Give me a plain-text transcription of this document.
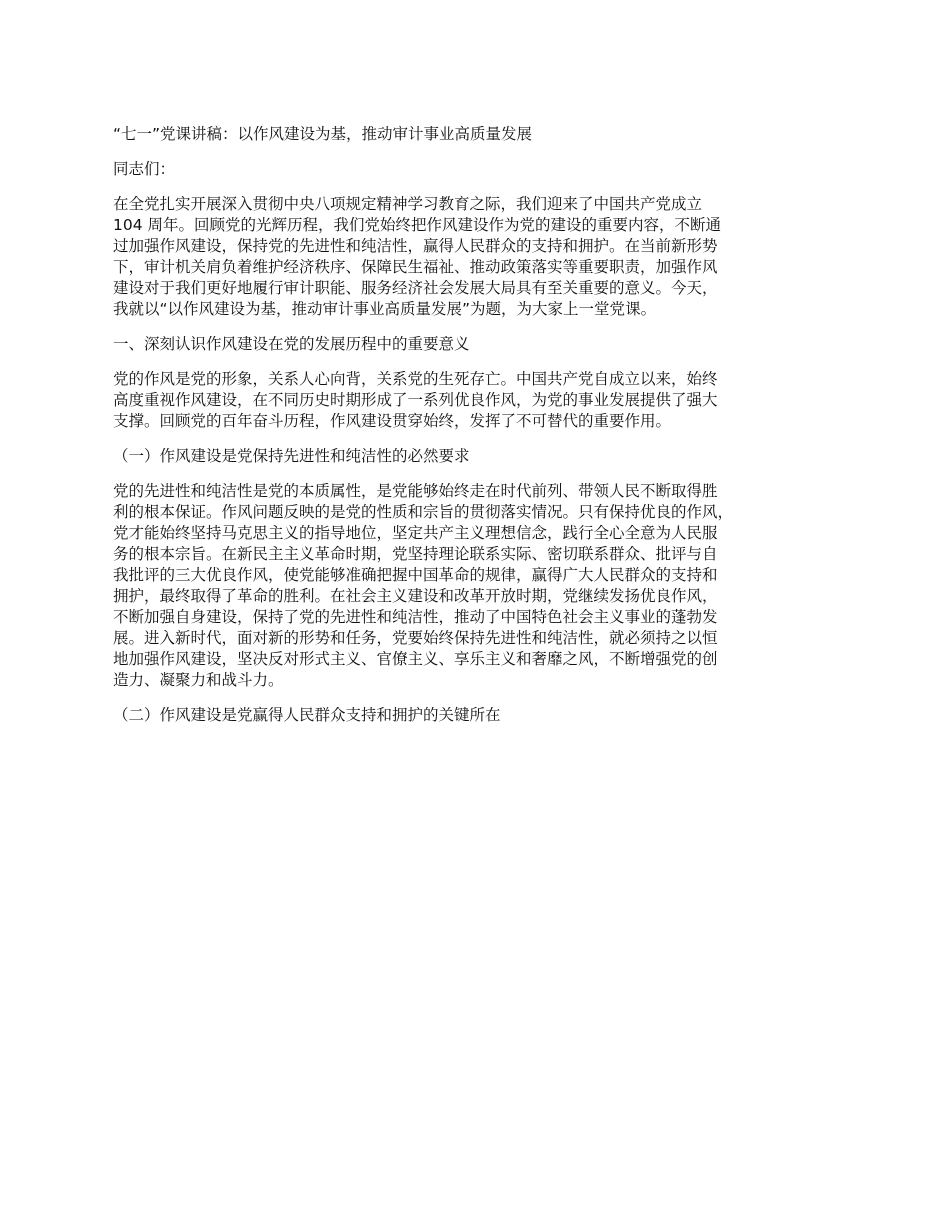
“七一”党课讲稿：以作风建设为基，推动审计事业高质量发展
同志们：
在全党扎实开展深入贯彻中央八项规定精神学习教育之际，我们迎来了中国共产党成立
104 周年。回顾党的光辉历程，我们党始终把作风建设作为党的建设的重要内容，不断通
过加强作风建设，保持党的先进性和纯洁性，赢得人民群众的支持和拥护。在当前新形势
下，审计机关肩负着维护经济秩序、保障民生福祉、推动政策落实等重要职责，加强作风
建设对于我们更好地履行审计职能、服务经济社会发展大局具有至关重要的意义。今天，
我就以“以作风建设为基，推动审计事业高质量发展”为题，为大家上一堂党课。
一、深刻认识作风建设在党的发展历程中的重要意义
党的作风是党的形象，关系人心向背，关系党的生死存亡。中国共产党自成立以来，始终
高度重视作风建设，在不同历史时期形成了一系列优良作风，为党的事业发展提供了强大
支撑。回顾党的百年奋斗历程，作风建设贯穿始终，发挥了不可替代的重要作用。
（一）作风建设是党保持先进性和纯洁性的必然要求
党的先进性和纯洁性是党的本质属性，是党能够始终走在时代前列、带领人民不断取得胜
利的根本保证。作风问题反映的是党的性质和宗旨的贯彻落实情况。只有保持优良的作风，
党才能始终坚持马克思主义的指导地位，坚定共产主义理想信念，践行全心全意为人民服
务的根本宗旨。在新民主主义革命时期，党坚持理论联系实际、密切联系群众、批评与自
我批评的三大优良作风，使党能够准确把握中国革命的规律，赢得广大人民群众的支持和
拥护，最终取得了革命的胜利。在社会主义建设和改革开放时期，党继续发扬优良作风，
不断加强自身建设，保持了党的先进性和纯洁性，推动了中国特色社会主义事业的蓬勃发
展。进入新时代，面对新的形势和任务，党要始终保持先进性和纯洁性，就必须持之以恒
地加强作风建设，坚决反对形式主义、官僚主义、享乐主义和奢靡之风，不断增强党的创
造力、凝聚力和战斗力。
（二）作风建设是党赢得人民群众支持和拥护的关键所在
